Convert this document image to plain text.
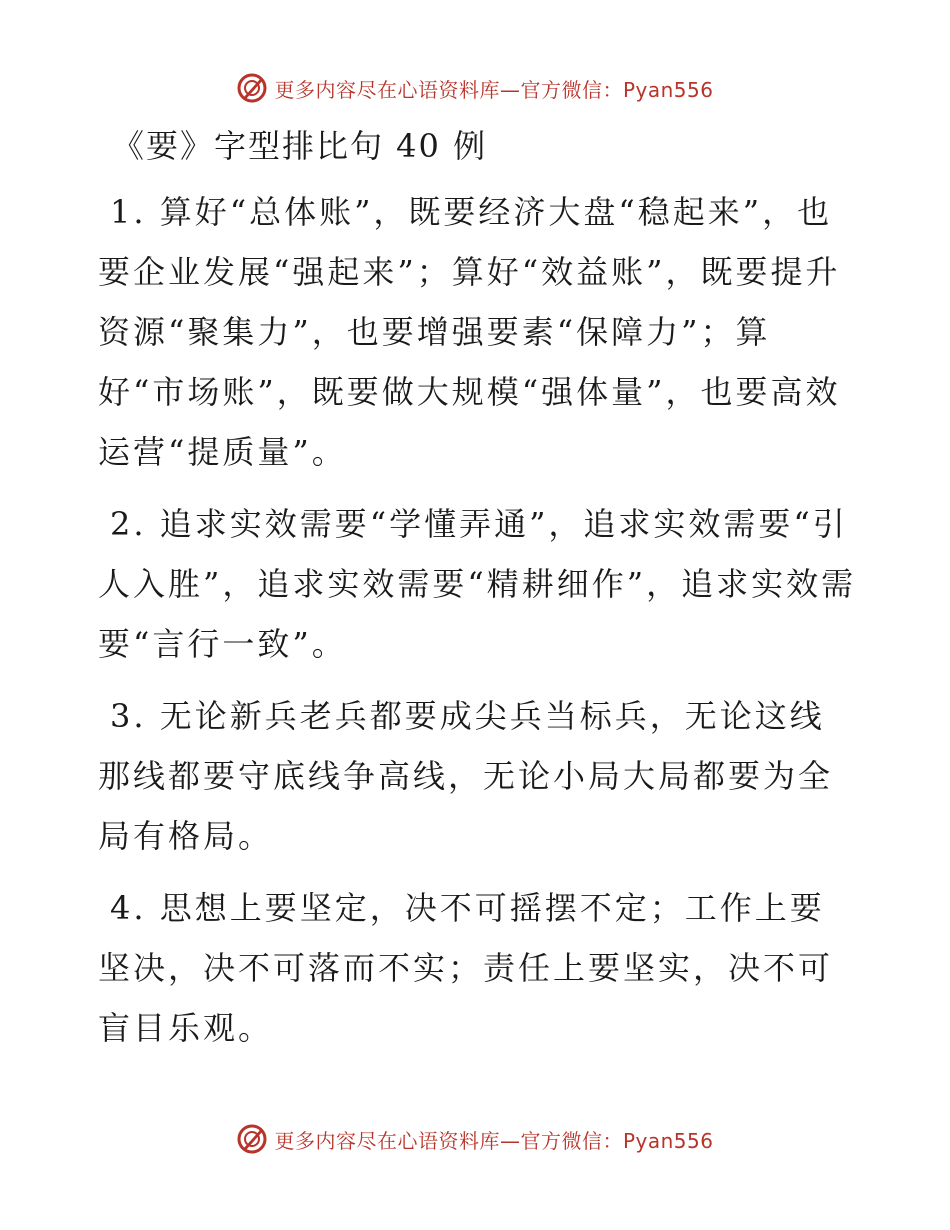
更多内容尽在心语资料库—官方微信：Pyan556
《要》字型排比句 40 例

1. 算好“总体账”，既要经济大盘“稳起来”，也要企业发展“强起来”；算好“效益账”，既要提升资源“聚集力”，也要增强要素“保障力”；算好“市场账”，既要做大规模“强体量”，也要高效运营“提质量”。

2. 追求实效需要“学懂弄通”，追求实效需要“引人入胜”，追求实效需要“精耕细作”，追求实效需要“言行一致”。

3. 无论新兵老兵都要成尖兵当标兵，无论这线那线都要守底线争高线，无论小局大局都要为全局有格局。

4. 思想上要坚定，决不可摇摆不定；工作上要坚决，决不可落而不实；责任上要坚实，决不可盲目乐观。

更多内容尽在心语资料库—官方微信：Pyan556
